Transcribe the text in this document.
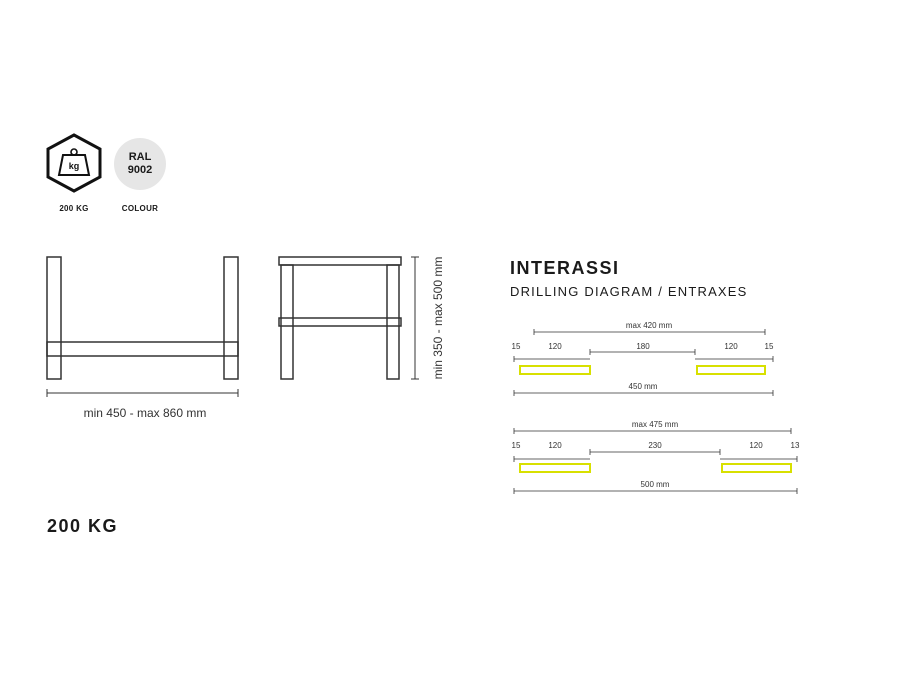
kg
200 KG
RAL
9002
COLOUR
min 450 - max 860 mm
min 350 - max 500 mm
200 KG
INTERASSI
DRILLING DIAGRAM / ENTRAXES
max 420 mm
15	120	180	120	15
450 mm
max 475 mm
15	120	230	120	13
500 mm
